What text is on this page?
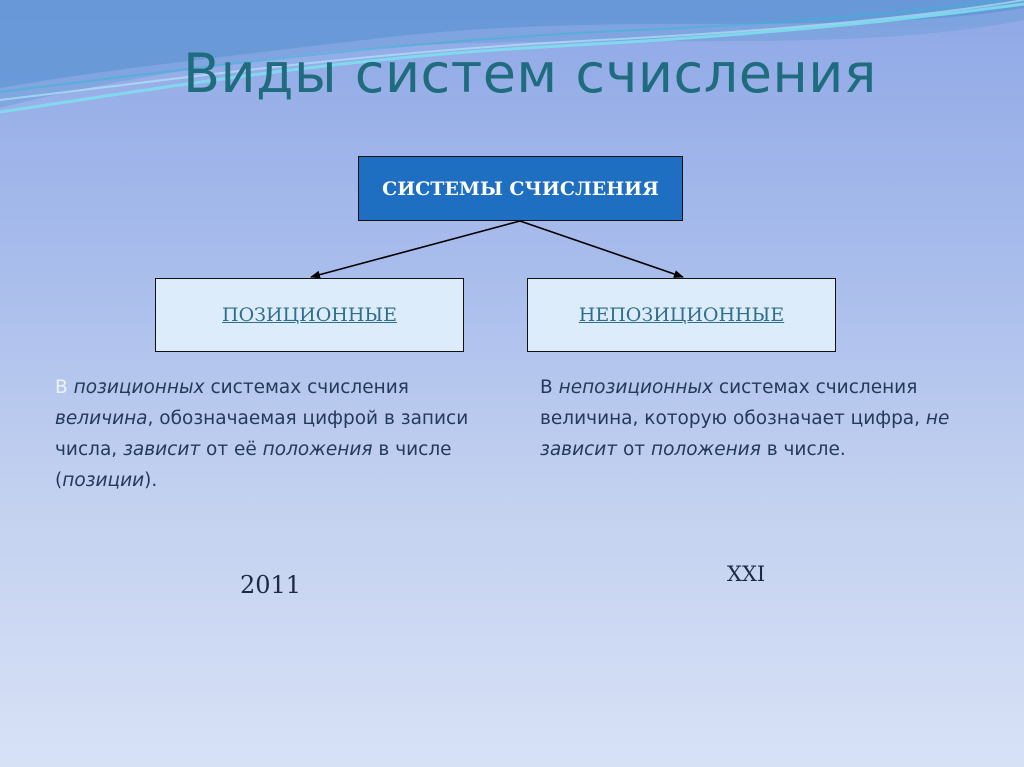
Виды систем счисления
СИСТЕМЫ СЧИСЛЕНИЯ
ПОЗИЦИОННЫЕ	НЕПОЗИЦИОННЫЕ

В позиционных системах счисления величина, обозначаемая цифрой в записи числа, зависит от её положения в числе (позиции).

В непозиционных системах счисления величина, которую обозначает цифра, не зависит от положения в числе.

2011	XXI
